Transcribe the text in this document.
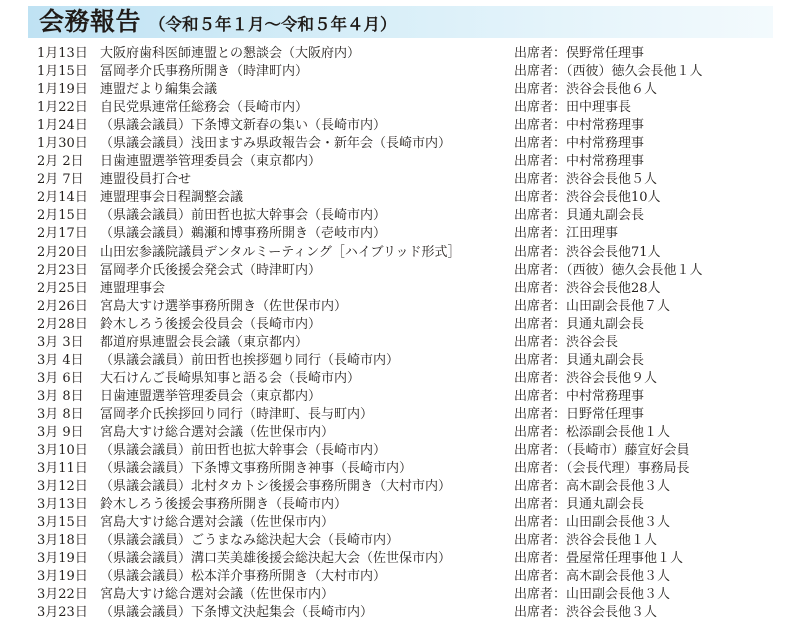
会務報告 （令和５年１月～令和５年４月）
1月13日 大阪府歯科医師連盟との懇談会（大阪府内）	出席者：俣野常任理事
1月15日 冨岡孝介氏事務所開き（時津町内）	出席者：（西彼）徳久会長他１人
1月19日 連盟だより編集会議	出席者：渋谷会長他６人
1月22日 自民党県連常任総務会（長崎市内）	出席者：田中理事長
1月24日 （県議会議員）下条博文新春の集い（長崎市内）	出席者：中村常務理事
1月30日 （県議会議員）浅田ますみ県政報告会・新年会（長崎市内）	出席者：中村常務理事
2月 2日 日歯連盟選挙管理委員会（東京都内）	出席者：中村常務理事
2月 7日 連盟役員打合せ	出席者：渋谷会長他５人
2月14日 連盟理事会日程調整会議	出席者：渋谷会長他10人
2月15日 （県議会議員）前田哲也拡大幹事会（長崎市内）	出席者：貝通丸副会長
2月17日 （県議会議員）鵜瀬和博事務所開き（壱岐市内）	出席者：江田理事
2月20日 山田宏参議院議員デンタルミーティング［ハイブリッド形式］	出席者：渋谷会長他71人
2月23日 冨岡孝介氏後援会発会式（時津町内）	出席者：（西彼）徳久会長他１人
2月25日 連盟理事会	出席者：渋谷会長他28人
2月26日 宮島大すけ選挙事務所開き（佐世保市内）	出席者：山田副会長他７人
2月28日 鈴木しろう後援会役員会（長崎市内）	出席者：貝通丸副会長
3月 3日 都道府県連盟会長会議（東京都内）	出席者：渋谷会長
3月 4日 （県議会議員）前田哲也挨拶廻り同行（長崎市内）	出席者：貝通丸副会長
3月 6日 大石けんご長崎県知事と語る会（長崎市内）	出席者：渋谷会長他９人
3月 8日 日歯連盟選挙管理委員会（東京都内）	出席者：中村常務理事
3月 8日 冨岡孝介氏挨拶回り同行（時津町、長与町内）	出席者：日野常任理事
3月 9日 宮島大すけ総合選対会議（佐世保市内）	出席者：松添副会長他１人
3月10日 （県議会議員）前田哲也拡大幹事会（長崎市内）	出席者：（長崎市）藤宣好会員
3月11日 （県議会議員）下条博文事務所開き神事（長崎市内）	出席者：（会長代理）事務局長
3月12日 （県議会議員）北村タカトシ後援会事務所開き（大村市内）	出席者：高木副会長他３人
3月13日 鈴木しろう後援会事務所開き（長崎市内）	出席者：貝通丸副会長
3月15日 宮島大すけ総合選対会議（佐世保市内）	出席者：山田副会長他３人
3月18日 （県議会議員）ごうまなみ総決起大会（長崎市内）	出席者：渋谷会長他１人
3月19日 （県議会議員）溝口芙美雄後援会総決起大会（佐世保市内）	出席者：畳屋常任理事他１人
3月19日 （県議会議員）松本洋介事務所開き（大村市内）	出席者：高木副会長他３人
3月22日 宮島大すけ総合選対会議（佐世保市内）	出席者：山田副会長他３人
3月23日 （県議会議員）下条博文決起集会（長崎市内）	出席者：渋谷会長他３人
